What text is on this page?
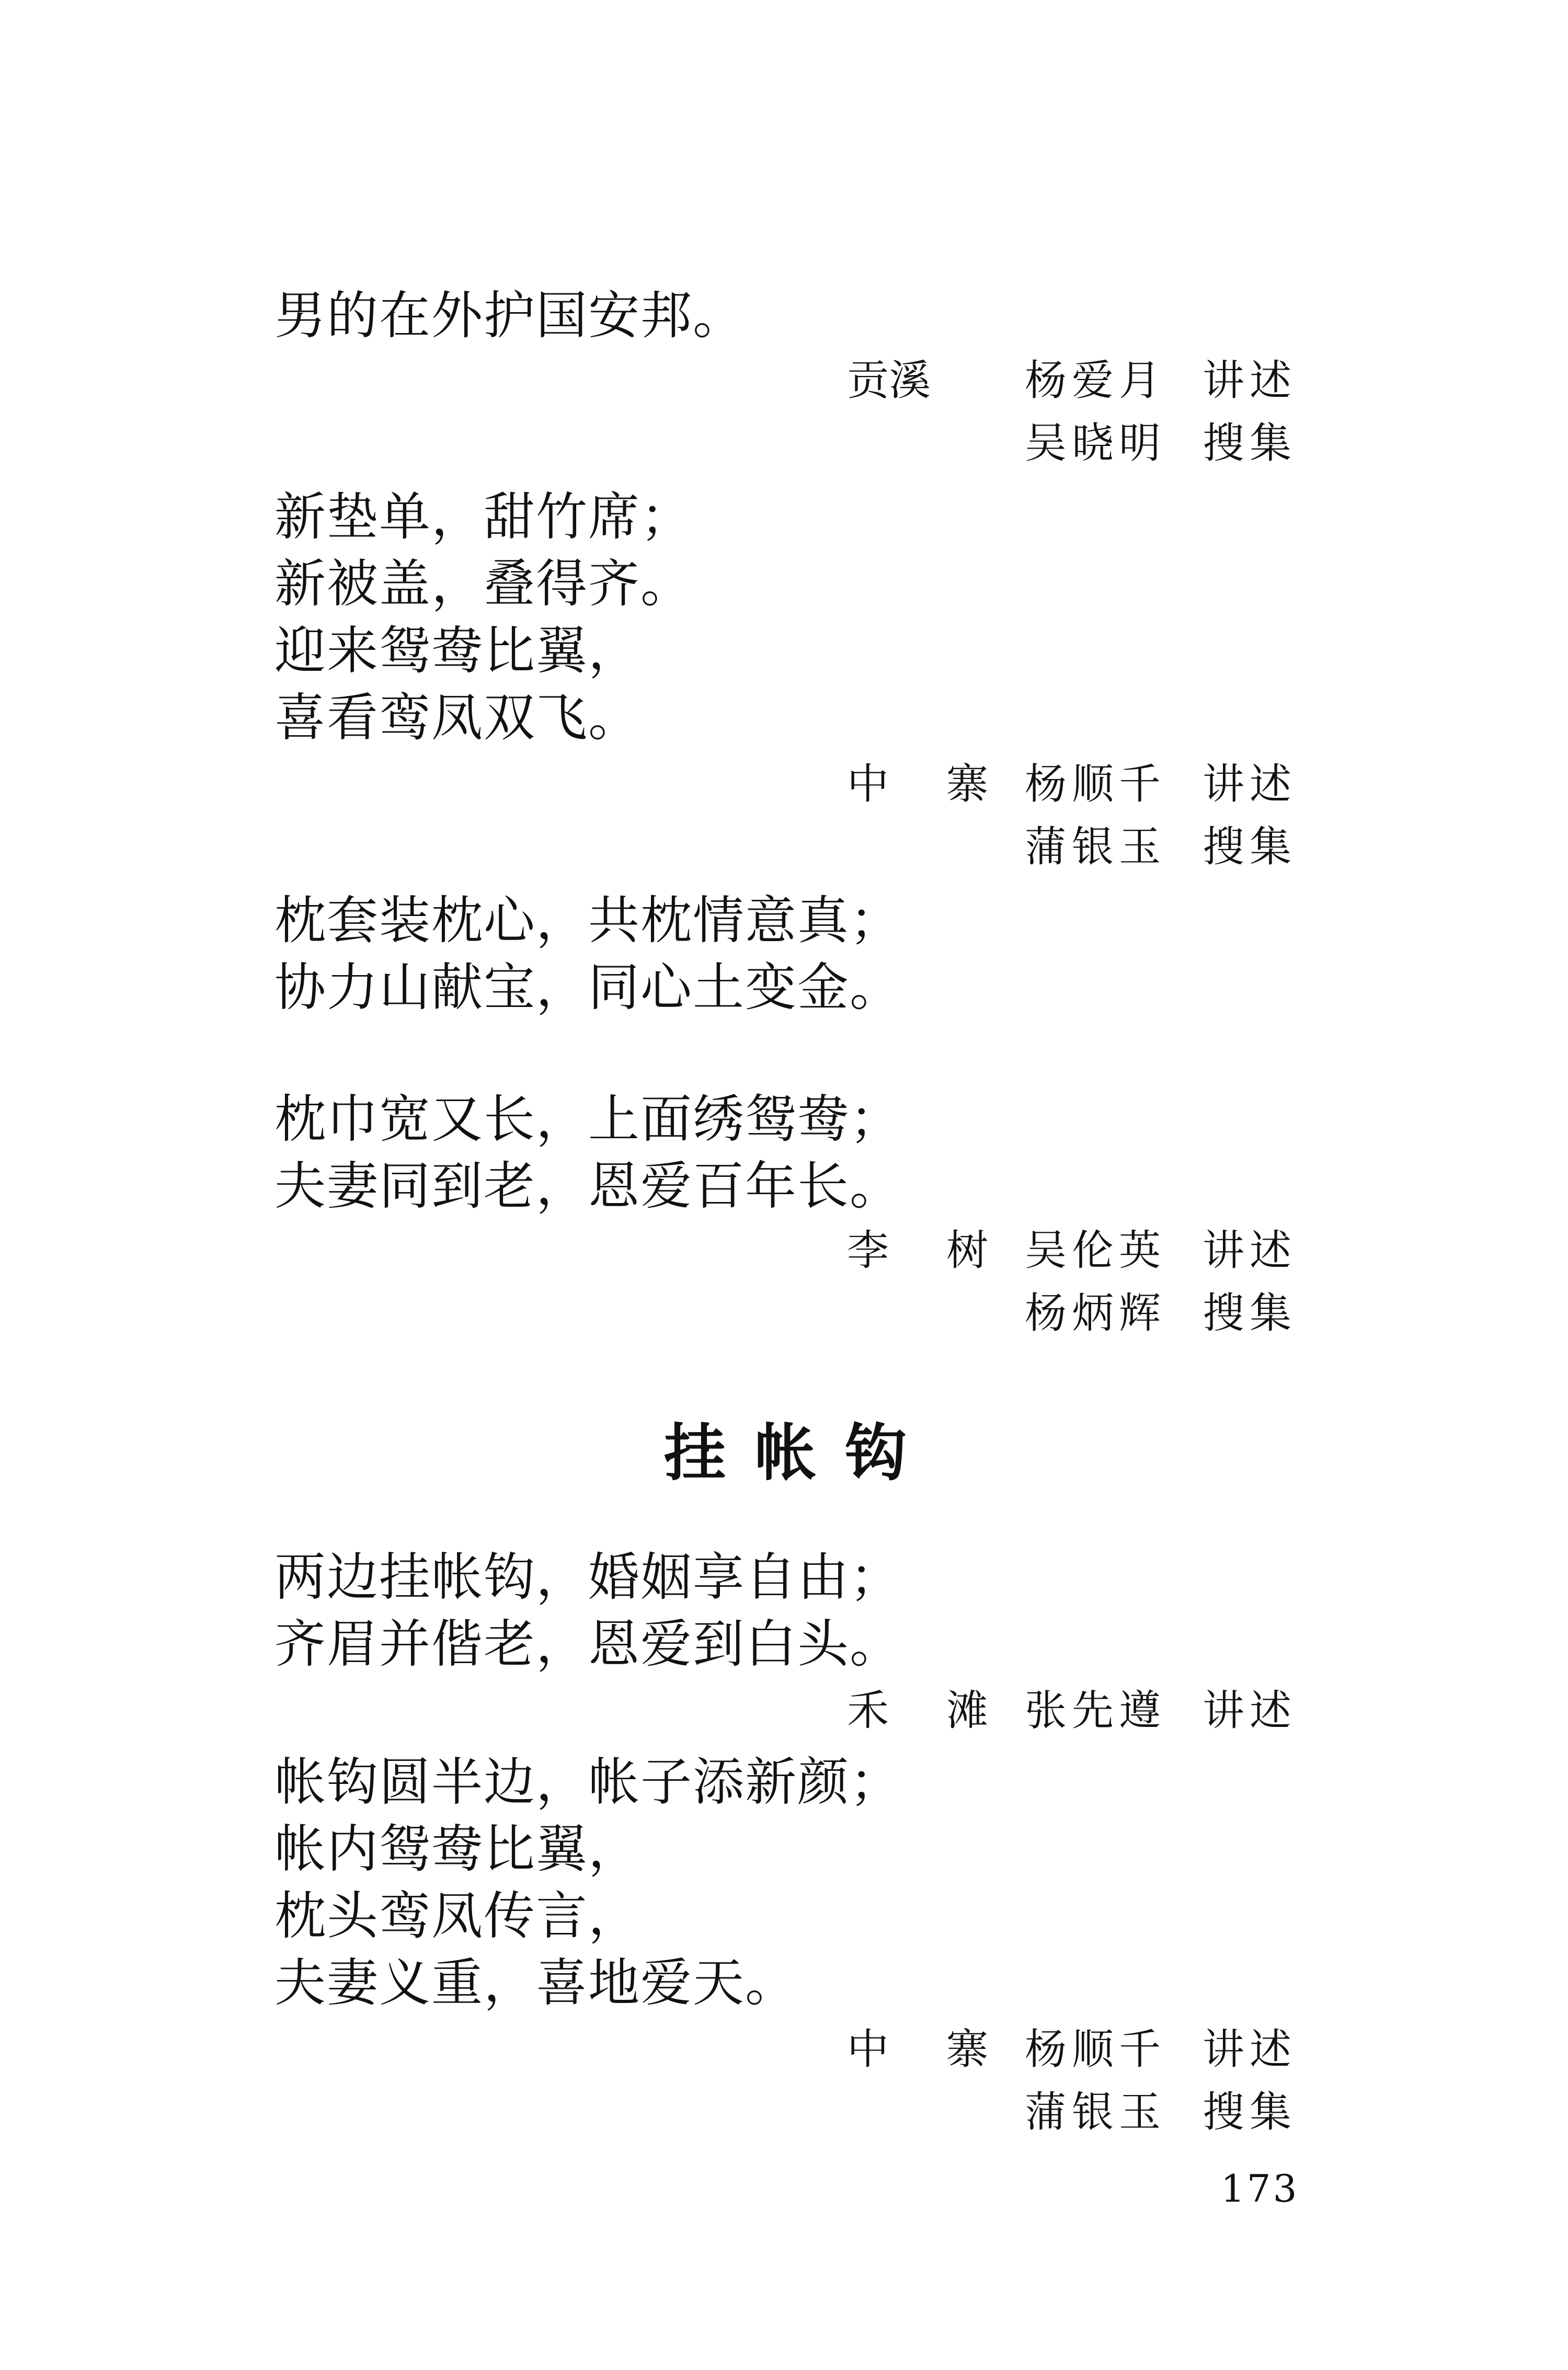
男的在外护国安邦。
贡溪	杨爱月 讲述
吴晓明 搜集
新垫单，甜竹席；
新被盖，叠得齐。
迎来鸳鸯比翼，
喜看鸾凤双飞。
中寨
杨顺千 讲述
蒲银玉 搜集
枕套装枕心，共枕情意真；
协力山献宝，同心土变金。
枕巾宽又长，上面绣鸳鸯；
夫妻同到老，恩爱百年长。
李树
吴伦英 讲述
杨炳辉 搜集
挂帐钩
两边挂帐钩，婚姻享自由；
齐眉并偕老，恩爱到白头。
禾滩
张先遵 讲述
帐钩圆半边，帐子添新颜；
帐内鸳鸯比翼，
枕头鸾凤传言，
夫妻义重，喜地爱天。
中寨
杨顺千 讲述
蒲银玉 搜集
173
